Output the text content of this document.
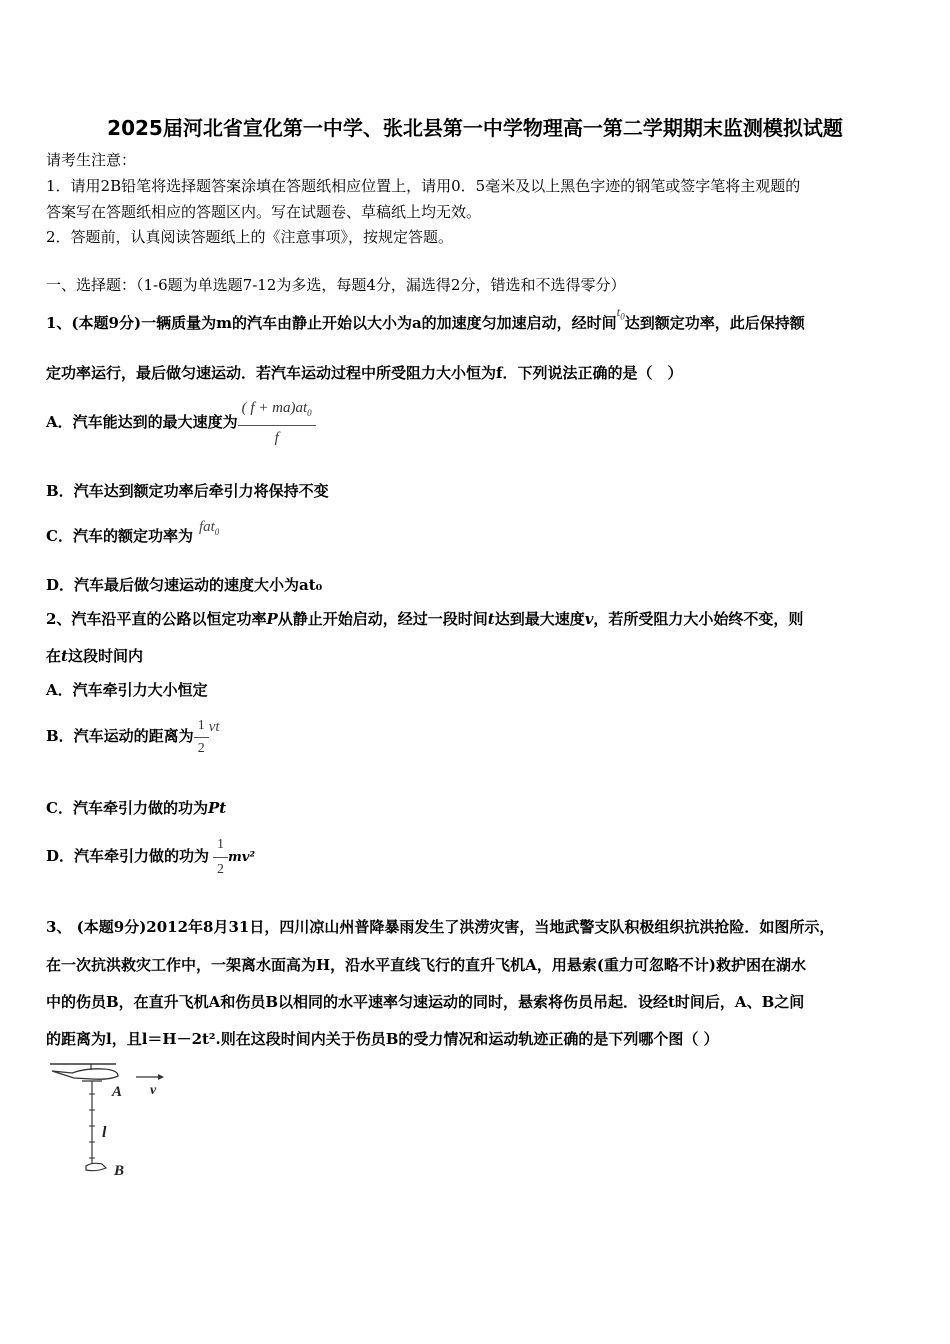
2025届河北省宣化第一中学、张北县第一中学物理高一第二学期期末监测模拟试题
请考生注意：
1．请用2B铅笔将选择题答案涂填在答题纸相应位置上，请用0．5毫米及以上黑色字迹的钢笔或签字笔将主观题的
答案写在答题纸相应的答题区内。写在试题卷、草稿纸上均无效。
2．答题前，认真阅读答题纸上的《注意事项》，按规定答题。
一、选择题：（1-6题为单选题7-12为多选，每题4分，漏选得2分，错选和不选得零分）
1、(本题9分)一辆质量为m的汽车由静止开始以大小为a的加速度匀加速启动，经时间$t_0$达到额定功率，此后保持额
定功率运行，最后做匀速运动．若汽车运动过程中所受阻力大小恒为f．下列说法正确的是（　）
A．汽车能达到的最大速度为 $\frac{( f + ma)at_0}{f}$
B．汽车达到额定功率后牵引力将保持不变
C．汽车的额定功率为 fat$_0$
D．汽车最后做匀速运动的速度大小为at₀
2、汽车沿平直的公路以恒定功率P从静止开始启动，经过一段时间t达到最大速度v，若所受阻力大小始终不变，则
在t这段时间内
A．汽车牵引力大小恒定
B．汽车运动的距离为 $\frac{1}{2}$ vt
C．汽车牵引力做的功为Pt
D．汽车牵引力做的功为 $\frac{1}{2} mv^2$
3、 (本题9分)2012年8月31日，四川凉山州普降暴雨发生了洪涝灾害，当地武警支队积极组织抗洪抢险．如图所示，
在一次抗洪救灾工作中，一架离水面高为H，沿水平直线飞行的直升飞机A，用悬索(重力可忽略不计)救护困在湖水
中的伤员B，在直升飞机A和伤员B以相同的水平速率匀速运动的同时，悬索将伤员吊起．设经t时间后，A、B之间
的距离为l，且l＝H－2t².则在这段时间内关于伤员B的受力情况和运动轨迹正确的是下列哪个图（ ）
A v
l
B
